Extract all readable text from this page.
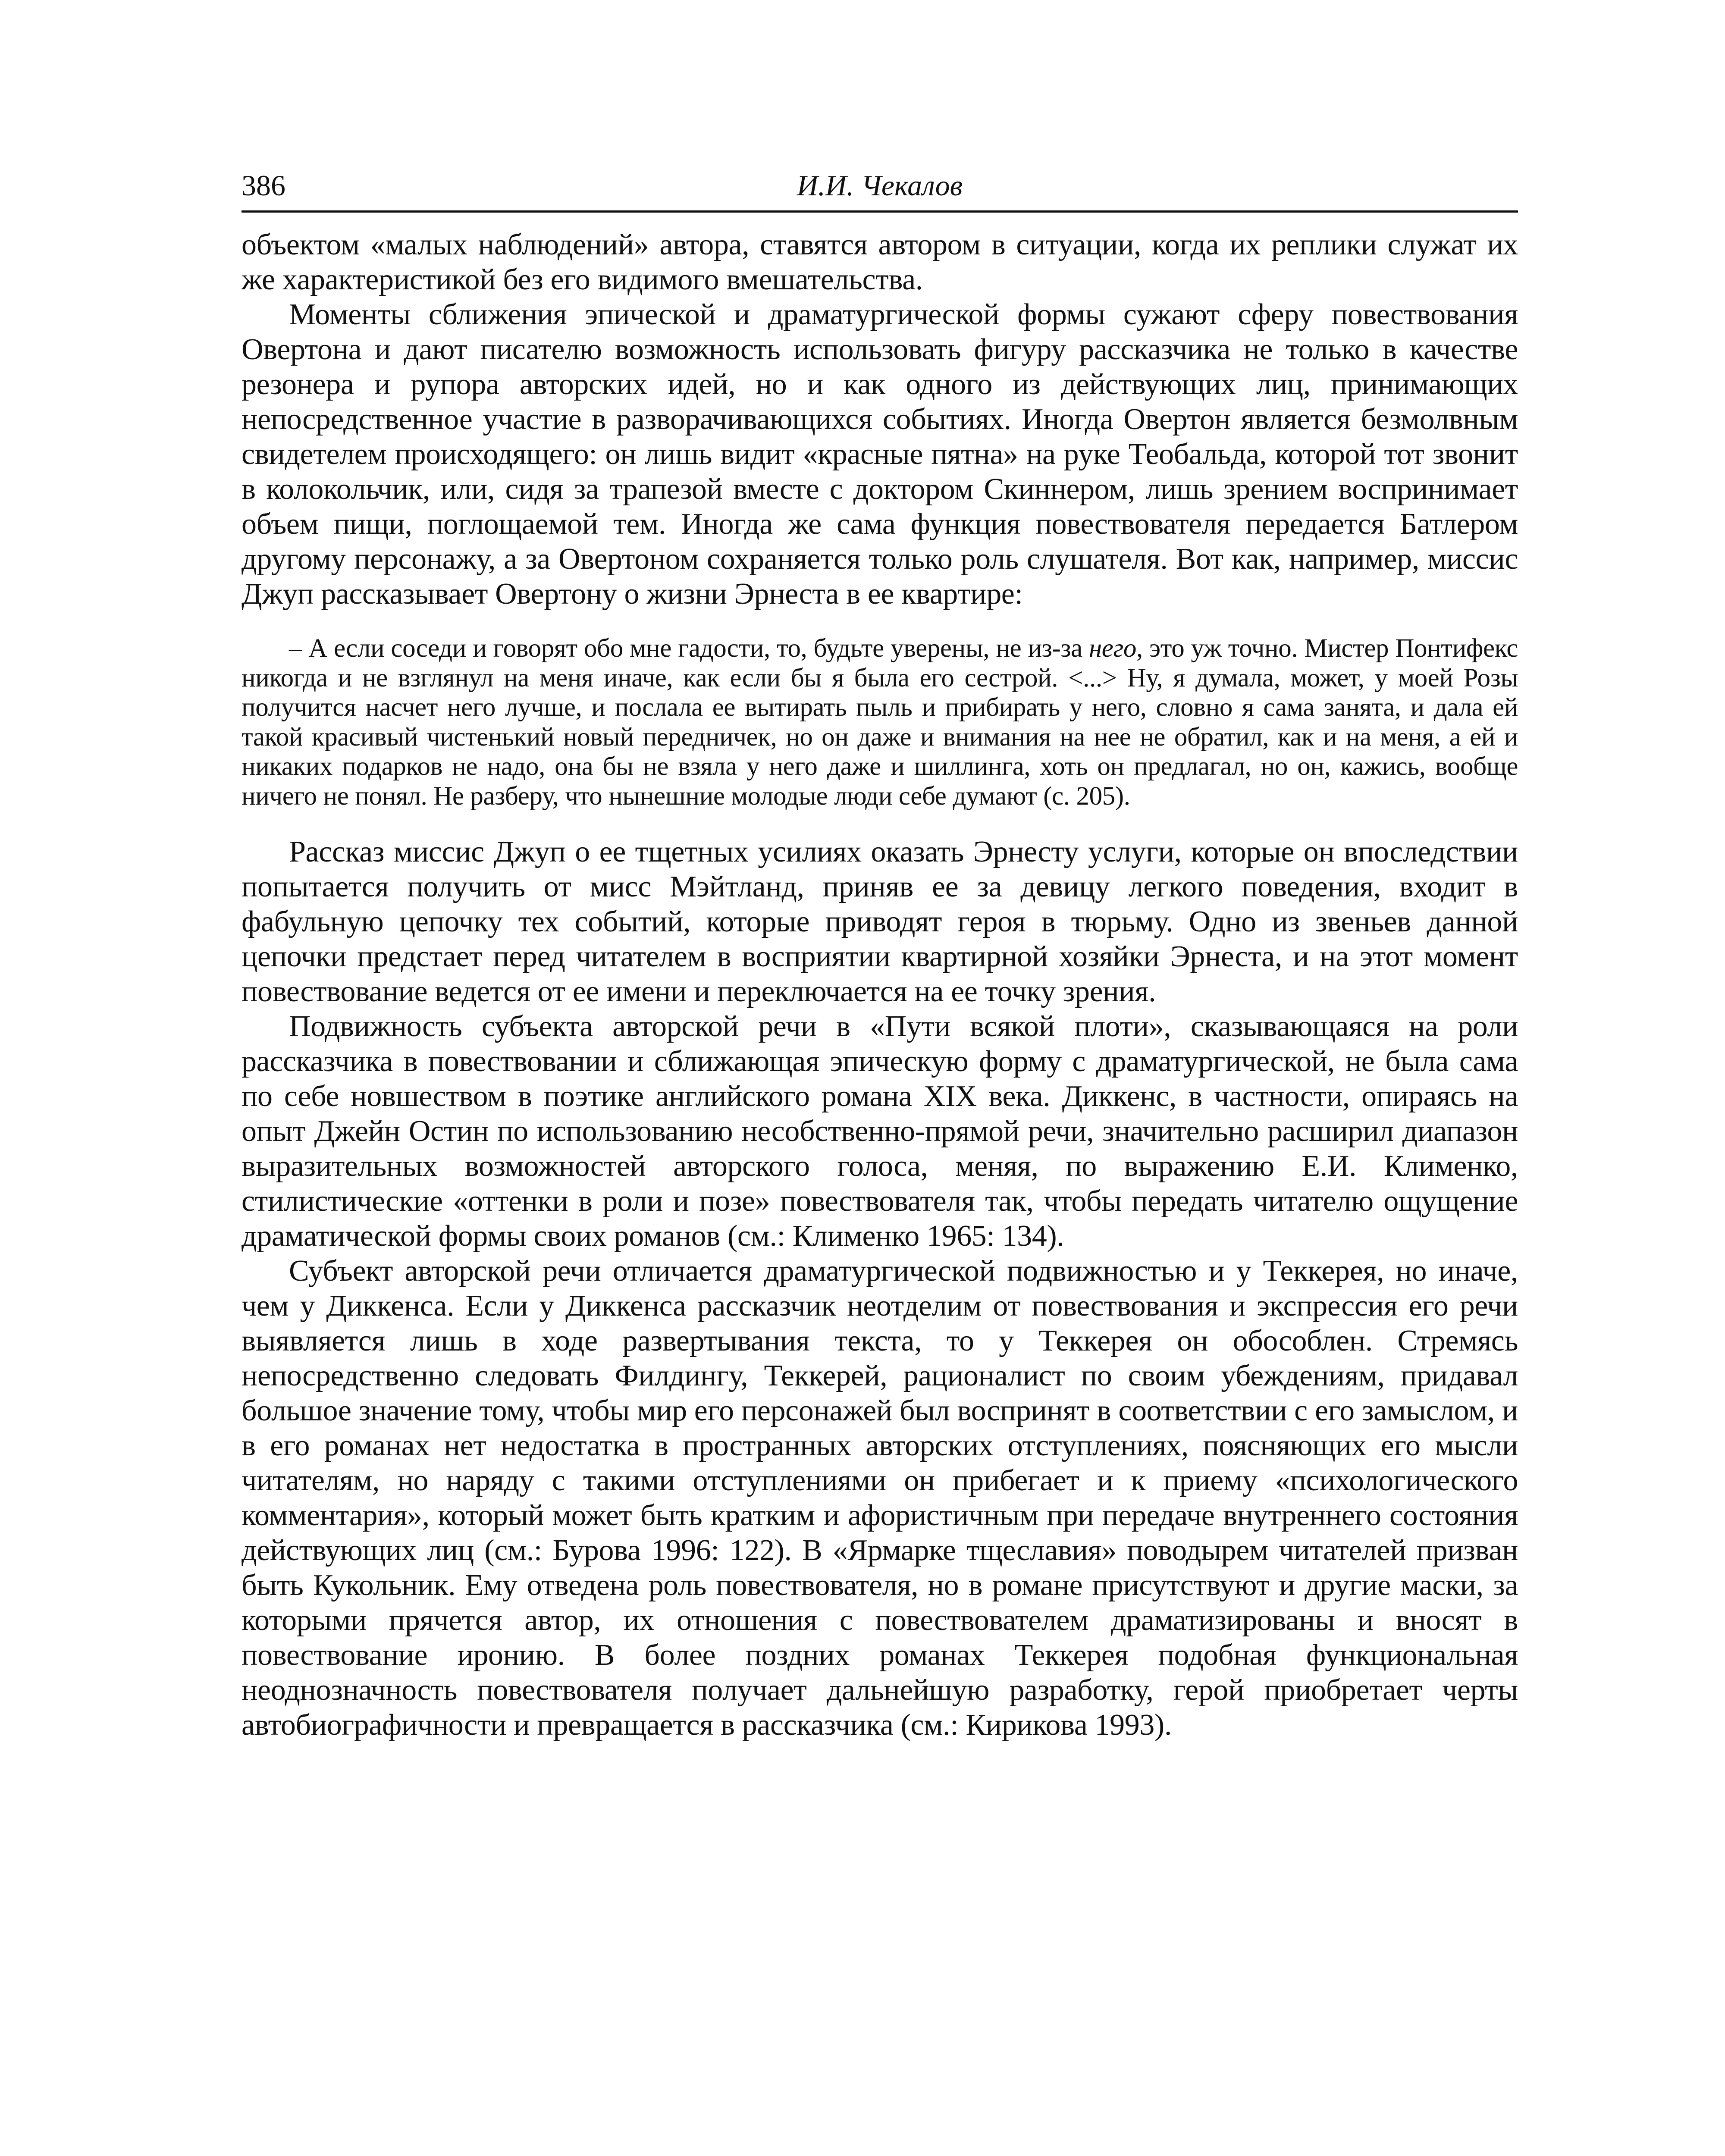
386	И.И. Чекалов

объектом «малых наблюдений» автора, ставятся автором в ситуации, когда их реплики служат их же характеристикой без его видимого вмешательства.

Моменты сближения эпической и драматургической формы сужают сферу повествования Овертона и дают писателю возможность использовать фигуру рассказчика не только в качестве резонера и рупора авторских идей, но и как одного из действующих лиц, принимающих непосредственное участие в разворачивающихся событиях. Иногда Овертон является безмолвным свидетелем происходящего: он лишь видит «красные пятна» на руке Теобальда, которой тот звонит в колокольчик, или, сидя за трапезой вместе с доктором Скиннером, лишь зрением воспринимает объем пищи, поглощаемой тем. Иногда же сама функция повествователя передается Батлером другому персонажу, а за Овертоном сохраняется только роль слушателя. Вот как, например, миссис Джуп рассказывает Овертону о жизни Эрнеста в ее квартире:

– А если соседи и говорят обо мне гадости, то, будьте уверены, не из-за него, это уж точно. Мистер Понтифекс никогда и не взглянул на меня иначе, как если бы я была его сестрой. <...> Ну, я думала, может, у моей Розы получится насчет него лучше, и послала ее вытирать пыль и прибирать у него, словно я сама занята, и дала ей такой красивый чистенький новый передничек, но он даже и внимания на нее не обратил, как и на меня, а ей и никаких подарков не надо, она бы не взяла у него даже и шиллинга, хоть он предлагал, но он, кажись, вообще ничего не понял. Не разберу, что нынешние молодые люди себе думают (с. 205).

Рассказ миссис Джуп о ее тщетных усилиях оказать Эрнесту услуги, которые он впоследствии попытается получить от мисс Мэйтланд, приняв ее за девицу легкого поведения, входит в фабульную цепочку тех событий, которые приводят героя в тюрьму. Одно из звеньев данной цепочки предстает перед читателем в восприятии квартирной хозяйки Эрнеста, и на этот момент повествование ведется от ее имени и переключается на ее точку зрения.

Подвижность субъекта авторской речи в «Пути всякой плоти», сказывающаяся на роли рассказчика в повествовании и сближающая эпическую форму с драматургической, не была сама по себе новшеством в поэтике английского романа XIX века. Диккенс, в частности, опираясь на опыт Джейн Остин по использованию несобственно-прямой речи, значительно расширил диапазон выразительных возможностей авторского голоса, меняя, по выражению Е.И. Клименко, стилистические «оттенки в роли и позе» повествователя так, чтобы передать читателю ощущение драматической формы своих романов (см.: Клименко 1965: 134).

Субъект авторской речи отличается драматургической подвижностью и у Теккерея, но иначе, чем у Диккенса. Если у Диккенса рассказчик неотделим от повествования и экспрессия его речи выявляется лишь в ходе развертывания текста, то у Теккерея он обособлен. Стремясь непосредственно следовать Филдингу, Теккерей, рационалист по своим убеждениям, придавал большое значение тому, чтобы мир его персонажей был воспринят в соответствии с его замыслом, и в его романах нет недостатка в пространных авторских отступлениях, поясняющих его мысли читателям, но наряду с такими отступлениями он прибегает и к приему «психологического комментария», который может быть кратким и афористичным при передаче внутреннего состояния действующих лиц (см.: Бурова 1996: 122). В «Ярмарке тщеславия» поводырем читателей призван быть Кукольник. Ему отведена роль повествователя, но в романе присутствуют и другие маски, за которыми прячется автор, их отношения с повествователем драматизированы и вносят в повествование иронию. В более поздних романах Теккерея подобная функциональная неоднозначность повествователя получает дальнейшую разработку, герой приобретает черты автобиографичности и превращается в рассказчика (см.: Кирикова 1993).
